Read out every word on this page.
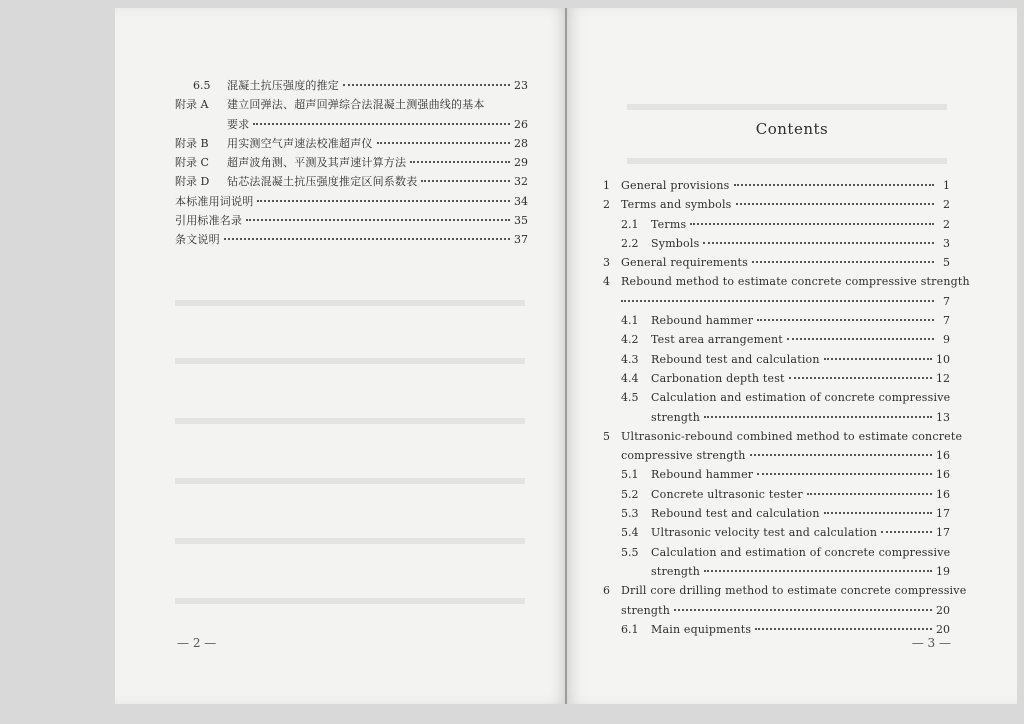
6.5	混凝土抗压强度的推定	23
附录 A	建立回弹法、超声回弹综合法混凝土测强曲线的基本
要求	26
附录 B	用实测空气声速法校准超声仪	28
附录 C	超声波角测、平测及其声速计算方法	29
附录 D	钻芯法混凝土抗压强度推定区间系数表	32
本标准用词说明	34
引用标准名录	35
条文说明	37
— 2 —
Contents
1	General provisions	1
2	Terms and symbols	2
2.1	Terms	2
2.2	Symbols	3
3	General requirements	5
4	Rebound method to estimate concrete compressive strength
7
4.1	Rebound hammer	7
4.2	Test area arrangement	9
4.3	Rebound test and calculation	10
4.4	Carbonation depth test	12
4.5	Calculation and estimation of concrete compressive
strength	13
5	Ultrasonic-rebound combined method to estimate concrete
compressive strength	16
5.1	Rebound hammer	16
5.2	Concrete ultrasonic tester	16
5.3	Rebound test and calculation	17
5.4	Ultrasonic velocity test and calculation	17
5.5	Calculation and estimation of concrete compressive
strength	19
6	Drill core drilling method to estimate concrete compressive
strength	20
6.1	Main equipments	20
— 3 —
